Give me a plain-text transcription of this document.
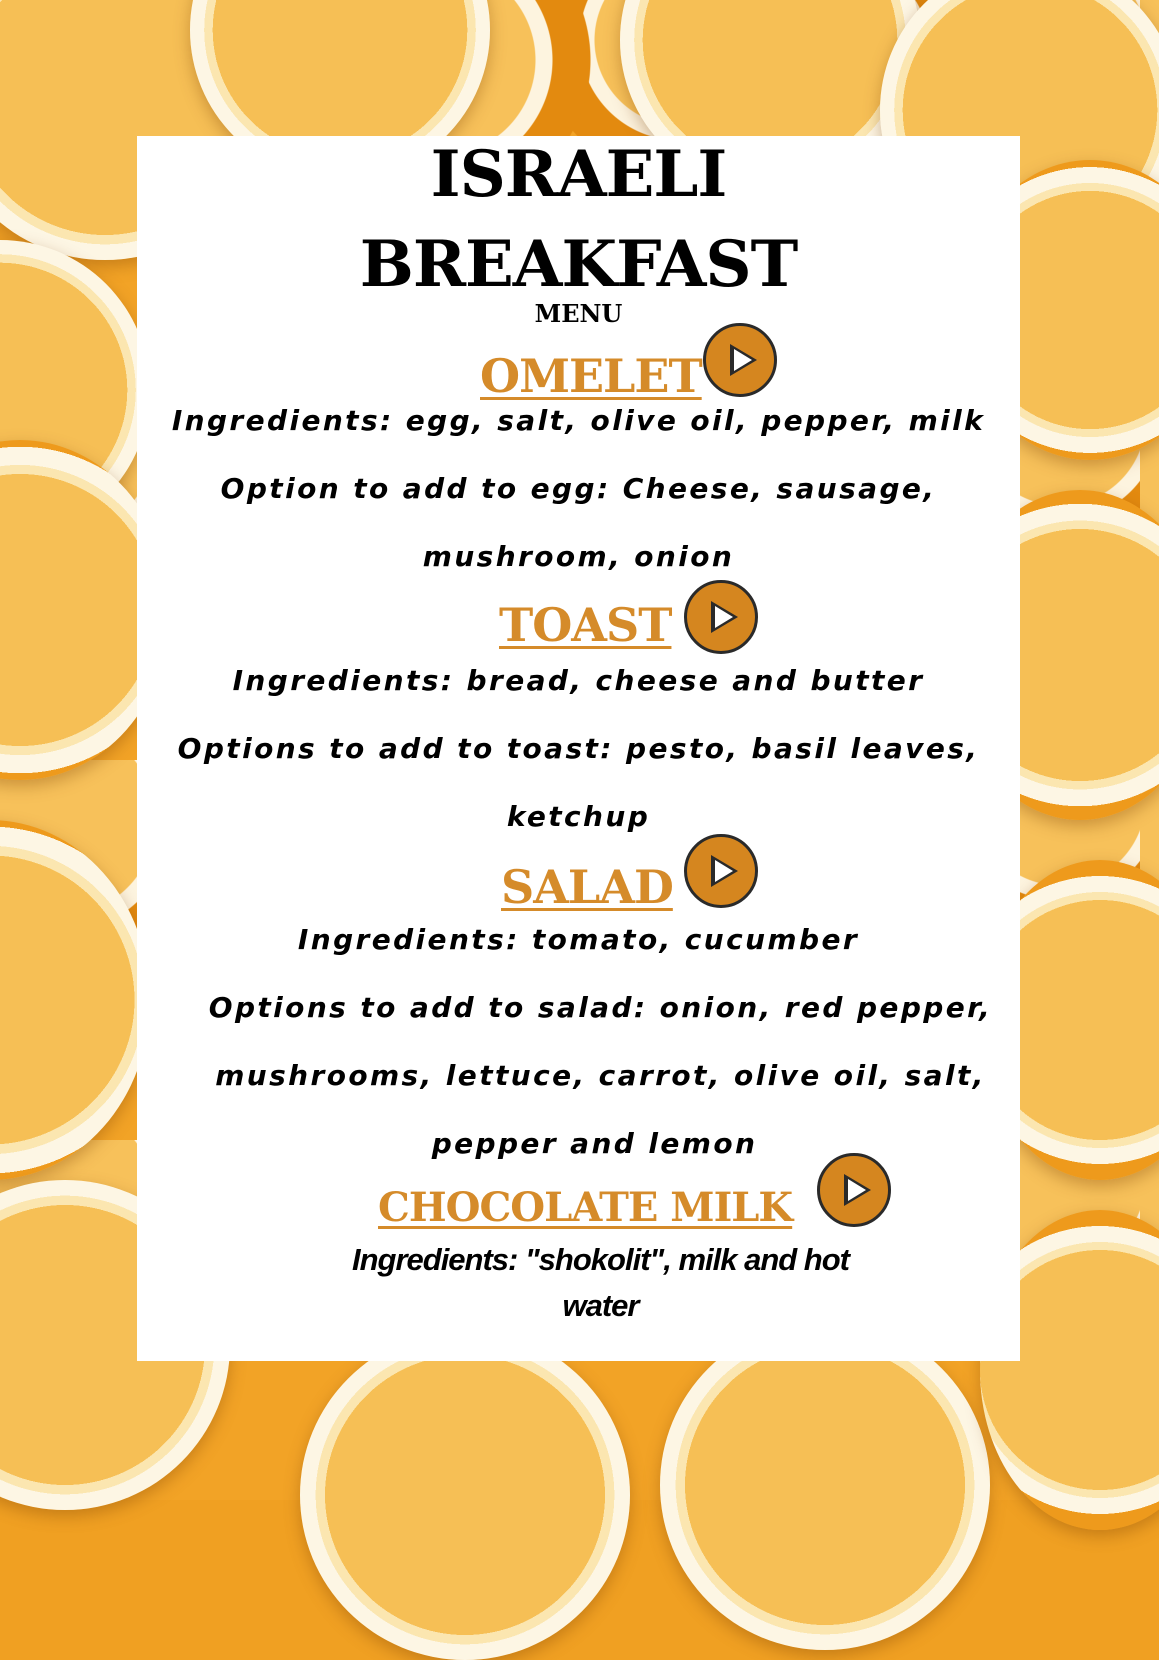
ISRAELI
BREAKFAST
MENU
OMELET
Ingredients: egg, salt, olive oil, pepper, milk
Option to add to egg: Cheese, sausage,
mushroom, onion
TOAST
Ingredients: bread, cheese and butter
Options to add to toast: pesto, basil leaves,
ketchup
SALAD
Ingredients: tomato, cucumber
Options to add to salad: onion, red pepper,
mushrooms, lettuce, carrot, olive oil, salt,
pepper and lemon
CHOCOLATE MILK
Ingredients: "shokolit", milk and hot
water
